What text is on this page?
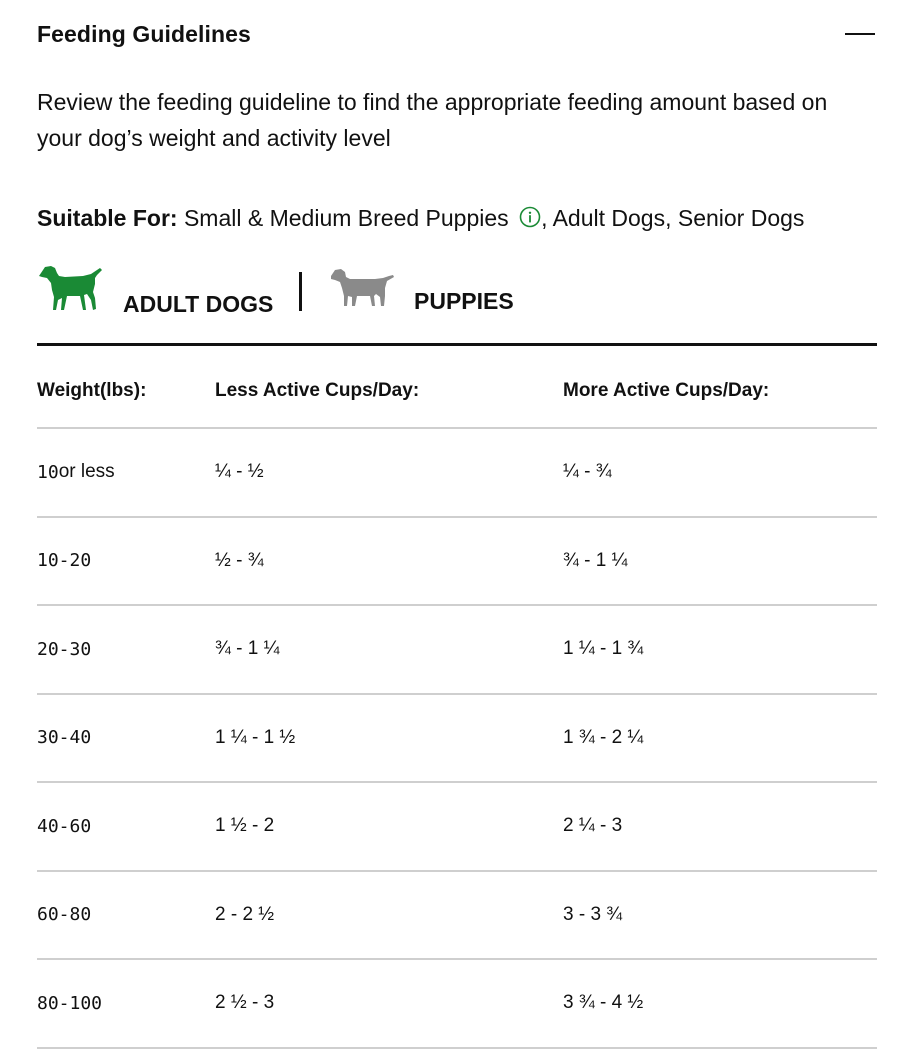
Feeding Guidelines
Review the feeding guideline to find the appropriate feeding amount based on your dog’s weight and activity level
Suitable For: Small & Medium Breed Puppies , Adult Dogs, Senior Dogs
ADULT DOGS	PUPPIES
Weight(lbs):	Less Active Cups/Day:	More Active Cups/Day:
10 or less	¼ - ½	¼ - ¾
10-20	½ - ¾	¾ - 1 ¼
20-30	¾ - 1 ¼	1 ¼ - 1 ¾
30-40	1 ¼ - 1 ½	1 ¾ - 2 ¼
40-60	1 ½ - 2	2 ¼ - 3
60-80	2 - 2 ½	3 - 3 ¾
80-100	2 ½ - 3	3 ¾ - 4 ½
